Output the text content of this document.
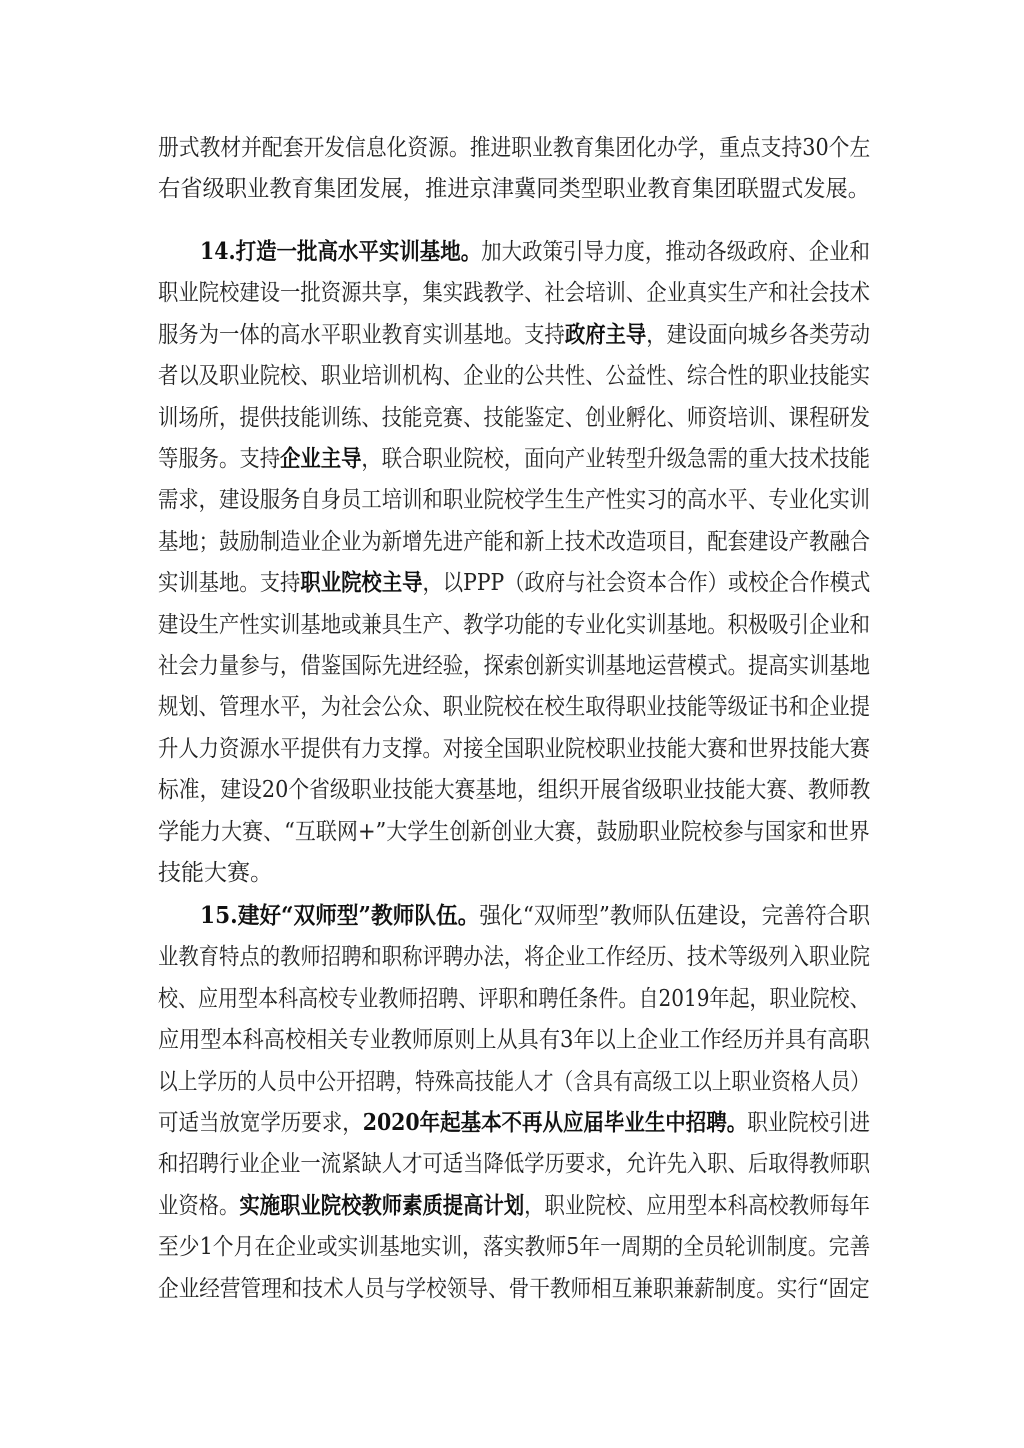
册式教材并配套开发信息化资源。推进职业教育集团化办学，重点支持30个左
右省级职业教育集团发展，推进京津冀同类型职业教育集团联盟式发展。
14.打造一批高水平实训基地。加大政策引导力度，推动各级政府、企业和
职业院校建设一批资源共享，集实践教学、社会培训、企业真实生产和社会技术
服务为一体的高水平职业教育实训基地。支持政府主导，建设面向城乡各类劳动
者以及职业院校、职业培训机构、企业的公共性、公益性、综合性的职业技能实
训场所，提供技能训练、技能竞赛、技能鉴定、创业孵化、师资培训、课程研发
等服务。支持企业主导，联合职业院校，面向产业转型升级急需的重大技术技能
需求，建设服务自身员工培训和职业院校学生生产性实习的高水平、专业化实训
基地；鼓励制造业企业为新增先进产能和新上技术改造项目，配套建设产教融合
实训基地。支持职业院校主导，以PPP（政府与社会资本合作）或校企合作模式
建设生产性实训基地或兼具生产、教学功能的专业化实训基地。积极吸引企业和
社会力量参与，借鉴国际先进经验，探索创新实训基地运营模式。提高实训基地
规划、管理水平，为社会公众、职业院校在校生取得职业技能等级证书和企业提
升人力资源水平提供有力支撑。对接全国职业院校职业技能大赛和世界技能大赛
标准，建设20个省级职业技能大赛基地，组织开展省级职业技能大赛、教师教
学能力大赛、“互联网+”大学生创新创业大赛，鼓励职业院校参与国家和世界
技能大赛。
15.建好“双师型”教师队伍。强化“双师型”教师队伍建设，完善符合职
业教育特点的教师招聘和职称评聘办法，将企业工作经历、技术等级列入职业院
校、应用型本科高校专业教师招聘、评职和聘任条件。自2019年起，职业院校、
应用型本科高校相关专业教师原则上从具有3年以上企业工作经历并具有高职
以上学历的人员中公开招聘，特殊高技能人才（含具有高级工以上职业资格人员）
可适当放宽学历要求，2020年起基本不再从应届毕业生中招聘。职业院校引进
和招聘行业企业一流紧缺人才可适当降低学历要求，允许先入职、后取得教师职
业资格。实施职业院校教师素质提高计划，职业院校、应用型本科高校教师每年
至少1个月在企业或实训基地实训，落实教师5年一周期的全员轮训制度。完善
企业经营管理和技术人员与学校领导、骨干教师相互兼职兼薪制度。实行“固定
